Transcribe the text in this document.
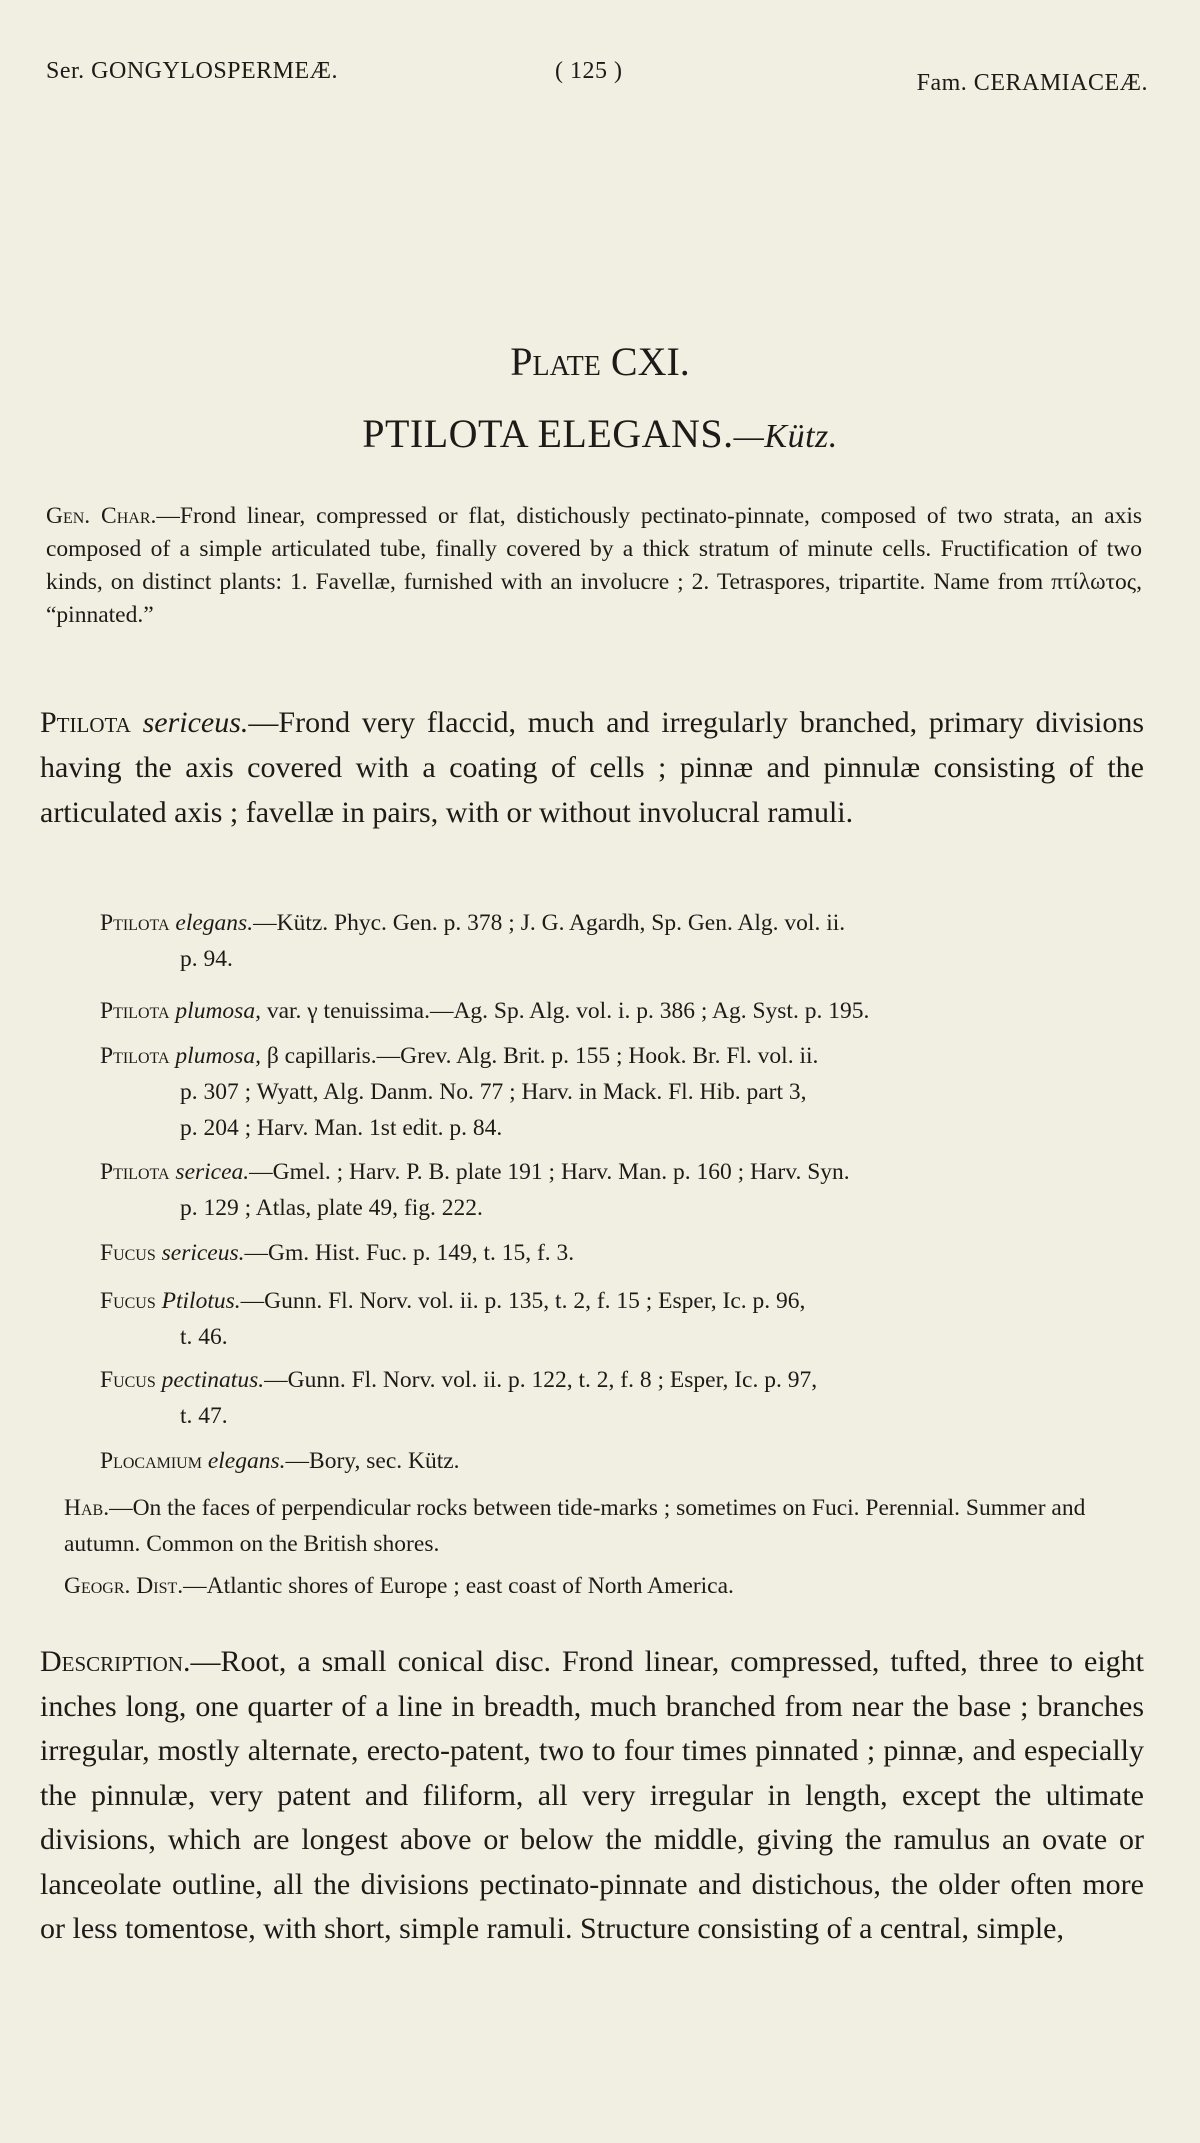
Ser. GONGYLOSPERMEÆ.	( 125 )	Fam. CERAMIACEÆ.
Plate CXI.
PTILOTA ELEGANS.—Kütz.
Gen. Char.—Frond linear, compressed or flat, distichously pectinato-pinnate, composed of two strata, an axis composed of a simple articulated tube, finally covered by a thick stratum of minute cells. Fructification of two kinds, on distinct plants: 1. Favellæ, furnished with an involucre ; 2. Tetraspores, tripartite. Name from πτίλωτος, “pinnated.”
Ptilota sericeus.—Frond very flaccid, much and irregularly branched, primary divisions having the axis covered with a coating of cells ; pinnæ and pinnulæ consisting of the articulated axis ; favellæ in pairs, with or without involucral ramuli.
Ptilota elegans.—Kütz. Phyc. Gen. p. 378 ; J. G. Agardh, Sp. Gen. Alg. vol. ii.
p. 94.
Ptilota plumosa, var. γ tenuissima.—Ag. Sp. Alg. vol. i. p. 386 ; Ag. Syst. p. 195.
Ptilota plumosa, β capillaris.—Grev. Alg. Brit. p. 155 ; Hook. Br. Fl. vol. ii.
p. 307 ; Wyatt, Alg. Danm. No. 77 ; Harv. in Mack. Fl. Hib. part 3,
p. 204 ; Harv. Man. 1st edit. p. 84.
Ptilota sericea.—Gmel. ; Harv. P. B. plate 191 ; Harv. Man. p. 160 ; Harv. Syn.
p. 129 ; Atlas, plate 49, fig. 222.
Fucus sericeus.—Gm. Hist. Fuc. p. 149, t. 15, f. 3.
Fucus Ptilotus.—Gunn. Fl. Norv. vol. ii. p. 135, t. 2, f. 15 ; Esper, Ic. p. 96,
t. 46.
Fucus pectinatus.—Gunn. Fl. Norv. vol. ii. p. 122, t. 2, f. 8 ; Esper, Ic. p. 97,
t. 47.
Plocamium elegans.—Bory, sec. Kütz.
Hab.—On the faces of perpendicular rocks between tide-marks ; sometimes on Fuci. Perennial. Summer and autumn. Common on the British shores.
Geogr. Dist.—Atlantic shores of Europe ; east coast of North America.
Description.—Root, a small conical disc. Frond linear, compressed, tufted, three to eight inches long, one quarter of a line in breadth, much branched from near the base ; branches irregular, mostly alternate, erecto-patent, two to four times pinnated ; pinnæ, and especially the pinnulæ, very patent and filiform, all very irregular in length, except the ultimate divisions, which are longest above or below the middle, giving the ramulus an ovate or lanceolate outline, all the divisions pectinato-pinnate and distichous, the older often more or less tomentose, with short, simple ramuli. Structure consisting of a central, simple,
